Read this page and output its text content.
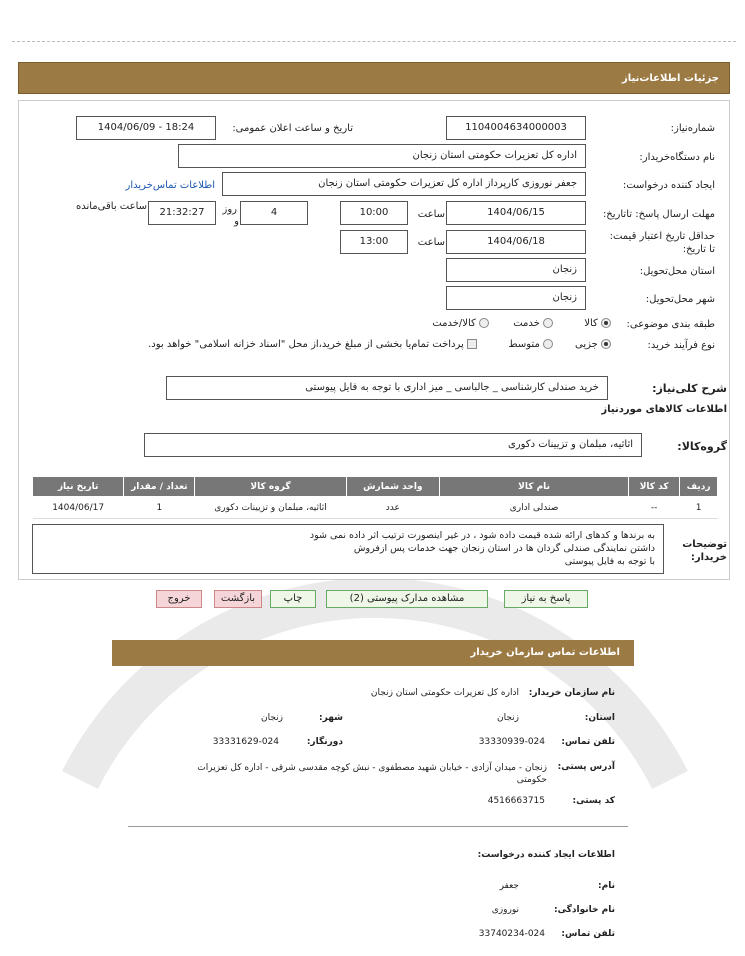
جزئیات اطلاعات‌نیاز
شماره‌نیاز:
1104004634000003
تاریخ و ساعت اعلان عمومی:
1404/06/09 - 18:24
نام دستگاه‌خریدار:
اداره کل تعزیرات حکومتی استان زنجان
ایجاد کننده درخواست:
جعفر نوروزی کارپرداز اداره کل تعزیرات حکومتی استان زنجان
اطلاعات تماس‌خریدار
مهلت ارسال پاسخ: تاتاریخ:
1404/06/15
ساعت
10:00
4
روز
و
21:32:27
ساعت باقی‌مانده
حداقل تاریخ اعتبار قیمت: تا تاریخ:
1404/06/18
ساعت
13:00
استان محل‌تحویل:
زنجان
شهر محل‌تحویل:
زنجان
طبقه بندی موضوعی:
کالا
خدمت
کالا/خدمت
نوع فرآیند خرید:
جزیی
متوسط
پرداخت تمام‌یا بخشی از مبلغ خرید،از محل "اسناد خزانه اسلامی" خواهد بود.
شرح کلی‌نیاز:
خرید صندلی کارشناسی _ جالباسی _ میز اداری با توجه به فایل پیوستی
اطلاعات کالاهای موردنیاز
گروه‌کالا:
اثاثیه، مبلمان و تزیینات دکوری
ردیف	کد کالا	نام کالا	واحد شمارش	گروه کالا	تعداد / مقدار	تاریخ نیاز
1	--	صندلی اداری	عدد	اثاثیه، مبلمان و تزیینات دکوری	1	1404/06/17
توضیحات خریدار:
به برندها و کدهای ارائه شده قیمت داده شود ، در غیر اینصورت ترتیب اثر داده نمی شود
داشتن نمایندگی صندلی گردان ها در استان زنجان جهت خدمات پس ازفروش
با توجه به فایل پیوستی
پاسخ به نیاز
مشاهده مدارک پیوستی (2)
چاپ
بازگشت
خروج
اطلاعات تماس سازمان خریدار
نام سازمان خریدار:
اداره کل تعزیرات حکومتی استان زنجان
استان:
زنجان
شهر:
زنجان
تلفن تماس:
33330939-024
دورنگار:
33331629-024
آدرس پستی:
زنجان - میدان آزادی - خیابان شهید مصطفوی - نبش کوچه مقدسی شرقی - اداره کل تعزیرات حکومتی
کد پستی:
4516663715
اطلاعات ایجاد کننده درخواست:
نام:
جعفر
نام خانوادگی:
نوروزی
تلفن تماس:
33740234-024
